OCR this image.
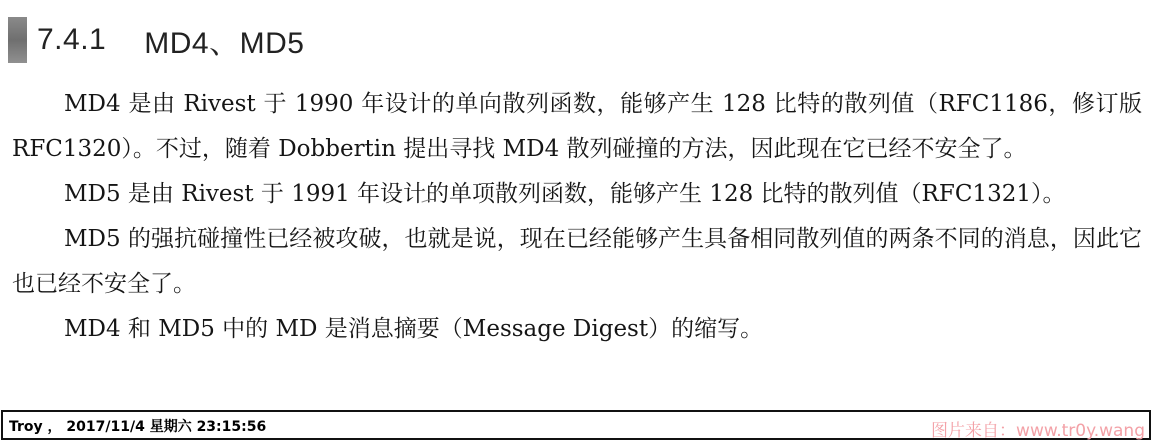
7.4.1 MD4、MD5

MD4 是由 Rivest 于 1990 年设计的单向散列函数，能够产生 128 比特的散列值（RFC1186，修订版 RFC1320）。不过，随着 Dobbertin 提出寻找 MD4 散列碰撞的方法，因此现在它已经不安全了。

MD5 是由 Rivest 于 1991 年设计的单项散列函数，能够产生 128 比特的散列值（RFC1321）。

MD5 的强抗碰撞性已经被攻破，也就是说，现在已经能够产生具备相同散列值的两条不同的消息，因此它也已经不安全了。

MD4 和 MD5 中的 MD 是消息摘要（Message Digest）的缩写。

Troy ， 2017/11/4 星期六 23:15:56	图片来自：www.tr0y.wang
